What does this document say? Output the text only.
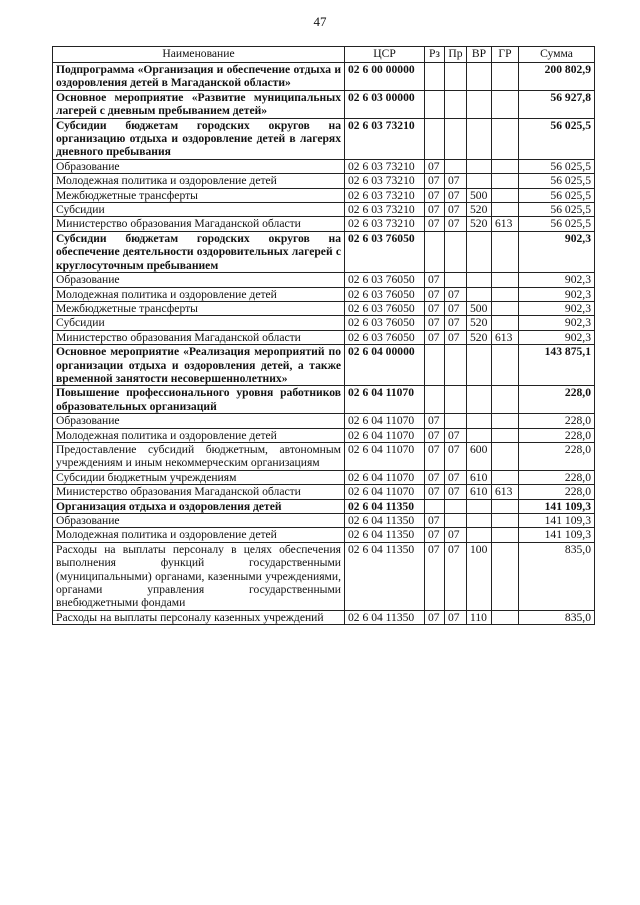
47
Наименование	ЦСР	Рз	Пр	ВР	ГР	Сумма
Подпрограмма «Организация и обеспечение отдыха и оздоровления детей в Магаданской области»	02 6 00 00000					200 802,9
Основное мероприятие «Развитие муниципальных лагерей с дневным пребыванием детей»	02 6 03 00000					56 927,8
Субсидии бюджетам городских округов на организацию отдыха и оздоровление детей в лагерях дневного пребывания	02 6 03 73210					56 025,5
Образование	02 6 03 73210	07				56 025,5
Молодежная политика и оздоровление детей	02 6 03 73210	07	07			56 025,5
Межбюджетные трансферты	02 6 03 73210	07	07	500		56 025,5
Субсидии	02 6 03 73210	07	07	520		56 025,5
Министерство образования Магаданской области	02 6 03 73210	07	07	520	613	56 025,5
Субсидии бюджетам городских округов на обеспечение деятельности оздоровительных лагерей с круглосуточным пребыванием	02 6 03 76050					902,3
Образование	02 6 03 76050	07				902,3
Молодежная политика и оздоровление детей	02 6 03 76050	07	07			902,3
Межбюджетные трансферты	02 6 03 76050	07	07	500		902,3
Субсидии	02 6 03 76050	07	07	520		902,3
Министерство образования Магаданской области	02 6 03 76050	07	07	520	613	902,3
Основное мероприятие «Реализация мероприятий по организации отдыха и оздоровления детей, а также временной занятости несовершеннолетних»	02 6 04 00000					143 875,1
Повышение профессионального уровня работников образовательных организаций	02 6 04 11070					228,0
Образование	02 6 04 11070	07				228,0
Молодежная политика и оздоровление детей	02 6 04 11070	07	07			228,0
Предоставление субсидий бюджетным, автономным учреждениям и иным некоммерческим организациям	02 6 04 11070	07	07	600		228,0
Субсидии бюджетным учреждениям	02 6 04 11070	07	07	610		228,0
Министерство образования Магаданской области	02 6 04 11070	07	07	610	613	228,0
Организация отдыха и оздоровления детей	02 6 04 11350					141 109,3
Образование	02 6 04 11350	07				141 109,3
Молодежная политика и оздоровление детей	02 6 04 11350	07	07			141 109,3
Расходы на выплаты персоналу в целях обеспечения выполнения функций государственными (муниципальными) органами, казенными учреждениями, органами управления государственными внебюджетными фондами	02 6 04 11350	07	07	100		835,0
Расходы на выплаты персоналу казенных учреждений	02 6 04 11350	07	07	110		835,0
